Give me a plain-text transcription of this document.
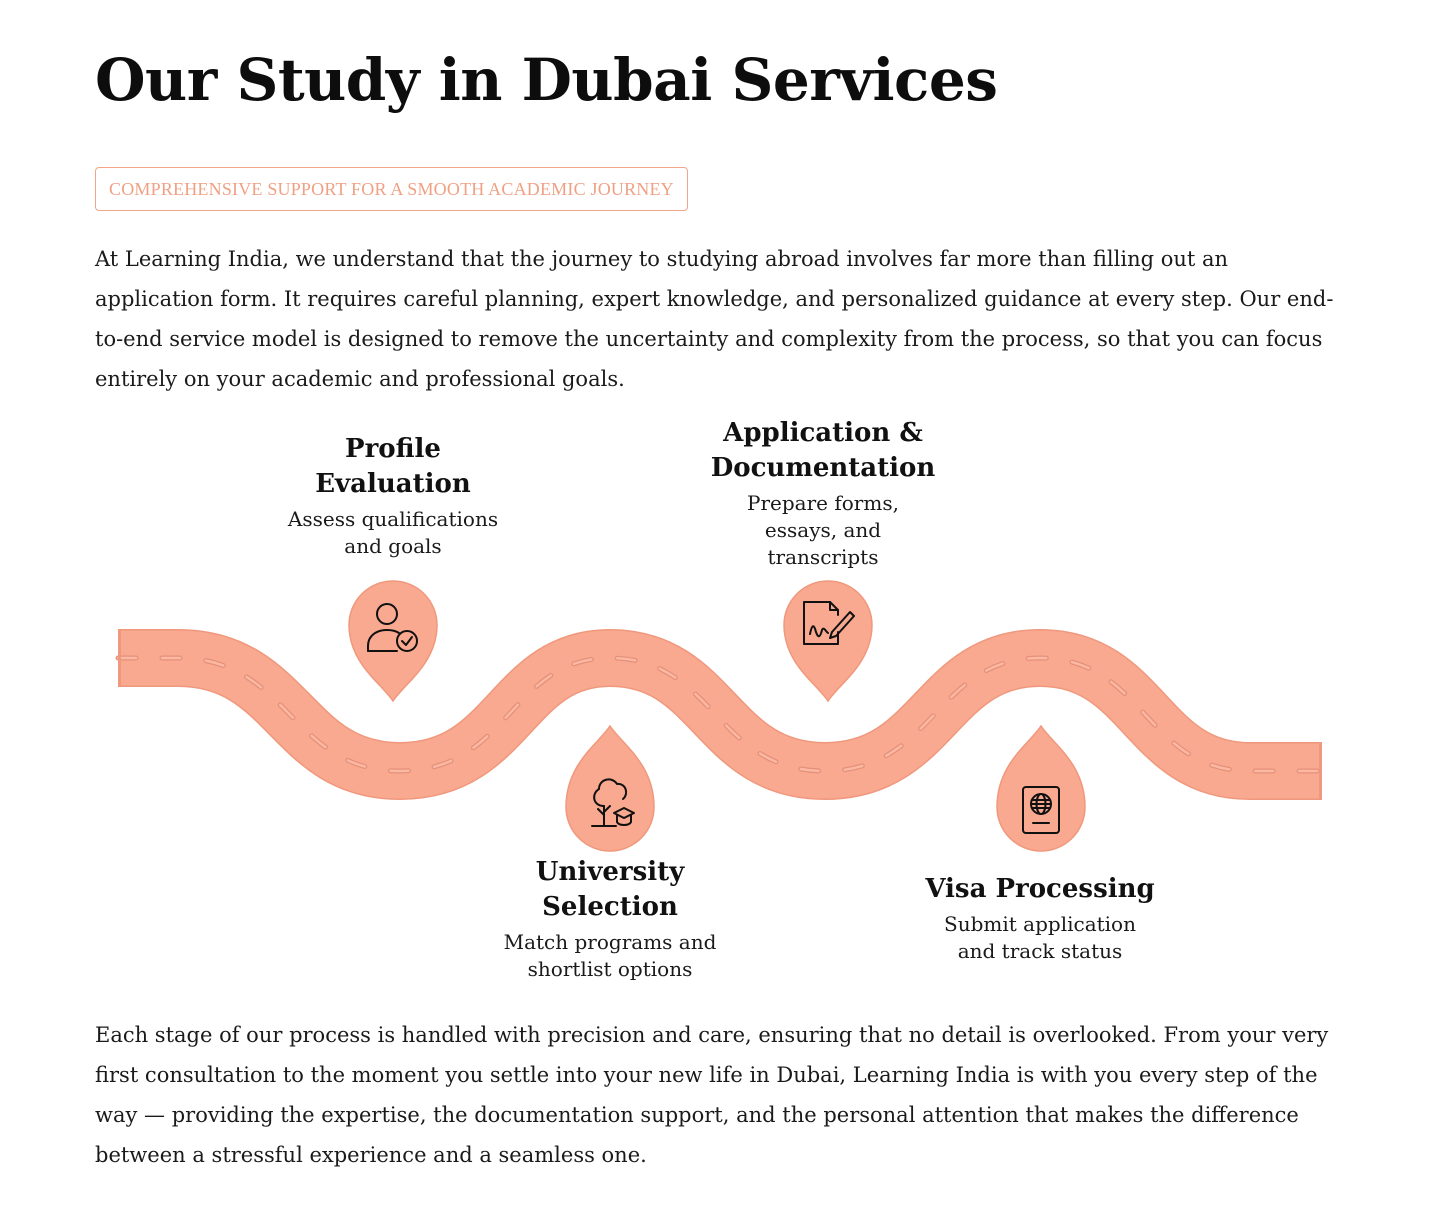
Our Study in Dubai Services
COMPREHENSIVE SUPPORT FOR A SMOOTH ACADEMIC JOURNEY

At Learning India, we understand that the journey to studying abroad involves far more than filling out an application form. It requires careful planning, expert knowledge, and personalized guidance at every step. Our end-to-end service model is designed to remove the uncertainty and complexity from the process, so that you can focus entirely on your academic and professional goals.

Profile
Evaluation

Assess qualifications
and goals

University
Selection

Match programs and
shortlist options

Application &
Documentation

Prepare forms,
essays, and
transcripts

Visa Processing

Submit application
and track status

Each stage of our process is handled with precision and care, ensuring that no detail is overlooked. From your very first consultation to the moment you settle into your new life in Dubai, Learning India is with you every step of the way — providing the expertise, the documentation support, and the personal attention that makes the difference between a stressful experience and a seamless one.
